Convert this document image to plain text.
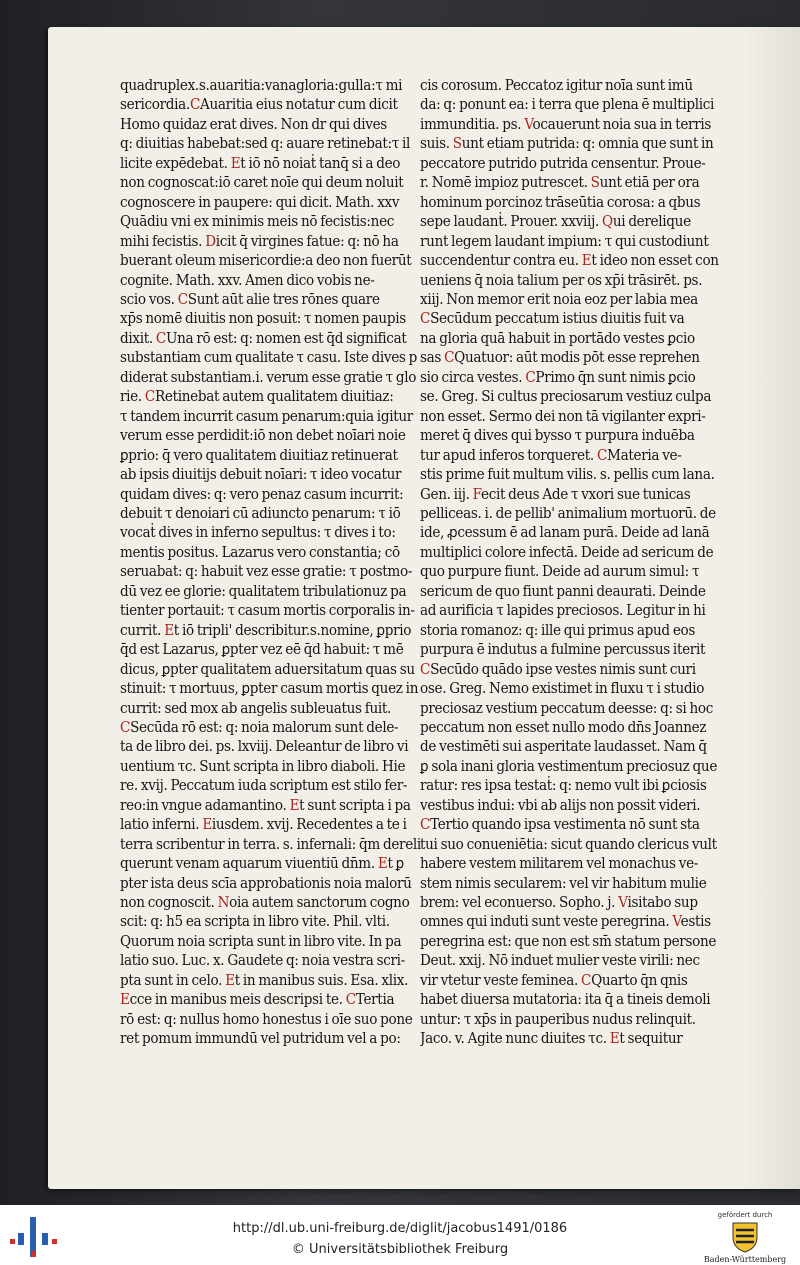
quadruplex.s.auaritia:vanagloria:gulla:τ mi
sericordia.CAuaritia eius notatur cum dicit
Homo quidaz erat dives. Non dr qui dives
q: diuitias habebat:sed q: auare retinebat:τ il
licite expēdebat. Et iō nō noiaṫ tanq̄ si a deo
non cognoscat:iō caret noīe qui deum noluit
cognoscere in paupere: qui dicit. Math. xxv
Quādiu vni ex minimis meis nō fecistis:nec
mihi fecistis. Dicit q̄ virgines fatue: q: nō ha
buerant oleum misericordie:a deo non fuerūt
cognite. Math. xxv. Amen dico vobis ne-
scio vos. CSunt aūt alie tres rōnes quare
xp̄s nomē diuitis non posuit: τ nomen paupis
dixit. CUna rō est: q: nomen est q̄d significat
substantiam cum qualitate τ casu. Iste dives p
diderat substantiam.i. verum esse gratie τ glo
rie. CRetinebat autem qualitatem diuitiaz:
τ tandem incurrit casum penarum:quia igitur
verum esse perdidit:iō non debet noīari noie
ꝑprio: q̄ vero qualitatem diuitiaz retinuerat
ab ipsis diuitijs debuit noīari: τ ideo vocatur
quidam dives: q: vero penaz casum incurrit:
debuit τ denoiari cū adiuncto penarum: τ iō
vocaṫ dives in inferno sepultus: τ dives i to:
mentis positus. Lazarus vero constantia; cō
seruabat: q: habuit vez esse gratie: τ postmo-
dū vez ee glorie: qualitatem tribulationuz pa
tienter portauit: τ casum mortis corporalis in-
currit. Et iō tripli' describitur.s.nomine, ꝑprio
q̄d est Lazarus, ꝑpter vez eē q̄d habuit: τ mē
dicus, ꝑpter qualitatem aduersitatum quas su
stinuit: τ mortuus, ꝑpter casum mortis quez in
currit: sed mox ab angelis subleuatus fuit.
CSecūda rō est: q: noia malorum sunt dele-
ta de libro dei. ps. lxviij. Deleantur de libro vi
uentium τc. Sunt scripta in libro diaboli. Hie
re. xvij. Peccatum iuda scriptum est stilo fer-
reo:in vngue adamantino. Et sunt scripta i pa
latio inferni. Eiusdem. xvij. Recedentes a te i
terra scribentur in terra. s. infernali: q̄m dereli
querunt venam aquarum viuentiū dn̄m. Et ꝑ
pter ista deus scīa approbationis noia malorū
non cognoscit. Noia autem sanctorum cogno
scit: q: h5 ea scripta in libro vite. Phil. vlti.
Quorum noia scripta sunt in libro vite. In pa
latio suo. Luc. x. Gaudete q: noia vestra scri-
pta sunt in celo. Et in manibus suis. Esa. xlix.
Ecce in manibus meis descripsi te. CTertia
rō est: q: nullus homo honestus i oīe suo pone
ret pomum immundū vel putridum vel a po:
cis corosum. Peccatoz igitur noīa sunt imū
da: q: ponunt ea: i terra que plena ē multiplici
immunditia. ps. Vocauerunt noia sua in terris
suis. Sunt etiam putrida: q: omnia que sunt in
peccatore putrido putrida censentur. Proue-
r. Nomē impioz putrescet. Sunt etiā per ora
hominum porcinoz trāseūtia corosa: a qbus
sepe laudanṫ. Prouer. xxviij. Qui derelique
runt legem laudant impium: τ qui custodiunt
succendentur contra eu. Et ideo non esset con
ueniens q̄ noia talium per os xp̄i trāsirēt. ps.
xiij. Non memor erit noia eoz per labia mea
CSecūdum peccatum istius diuitis fuit va
na gloria quā habuit in portādo vestes ꝑcio
sas CQuatuor: aūt modis pōt esse reprehen
sio circa vestes. CPrimo q̄n sunt nimis ꝑcio
se. Greg. Si cultus preciosarum vestiuz culpa
non esset. Sermo dei non tā vigilanter expri-
meret q̄ dives qui bysso τ purpura induēba
tur apud inferos torqueret. CMateria ve-
stis prime fuit multum vilis. s. pellis cum lana.
Gen. iij. Fecit deus Ade τ vxori sue tunicas
pelliceas. i. de pellib' animalium mortuorū. de
ide, ꝓcessum ē ad lanam purā. Deide ad lanā
multiplici colore infectā. Deide ad sericum de
quo purpure fiunt. Deide ad aurum simul: τ
sericum de quo fiunt panni deaurati. Deinde
ad aurificia τ lapides preciosos. Legitur in hi
storia romanoz: q: ille qui primus apud eos
purpura ē indutus a fulmine percussus iterit
CSecūdo quādo ipse vestes nimis sunt curi
ose. Greg. Nemo existimet in fluxu τ i studio
preciosaz vestium peccatum deesse: q: si hoc
peccatum non esset nullo modo dn̄s Joannez
de vestimēti sui asperitate laudasset. Nam q̄
ꝑ sola inani gloria vestimentum preciosuz que
ratur: res ipsa testaṫ: q: nemo vult ibi ꝑciosis
vestibus indui: vbi ab alijs non possit videri.
CTertio quando ipsa vestimenta nō sunt sta
tui suo conueniētia: sicut quando clericus vult
habere vestem militarem vel monachus ve-
stem nimis secularem: vel vir habitum mulie
brem: vel econuerso. Sopho. j. Visitabo sup
omnes qui induti sunt veste peregrina. Vestis
peregrina est: que non est sm̄ statum persone
Deut. xxij. Nō induet mulier veste virili: nec
vir vtetur veste feminea. CQuarto q̄n qnis
habet diuersa mutatoria: ita q̄ a tineis demoli
untur: τ xp̄s in pauperibus nudus relinquit.
Jaco. v. Agite nunc diuites τc. Et sequitur
http://dl.ub.uni-freiburg.de/diglit/jacobus1491/0186
© Universitätsbibliothek Freiburg
gefördert durch
Baden-Württemberg
